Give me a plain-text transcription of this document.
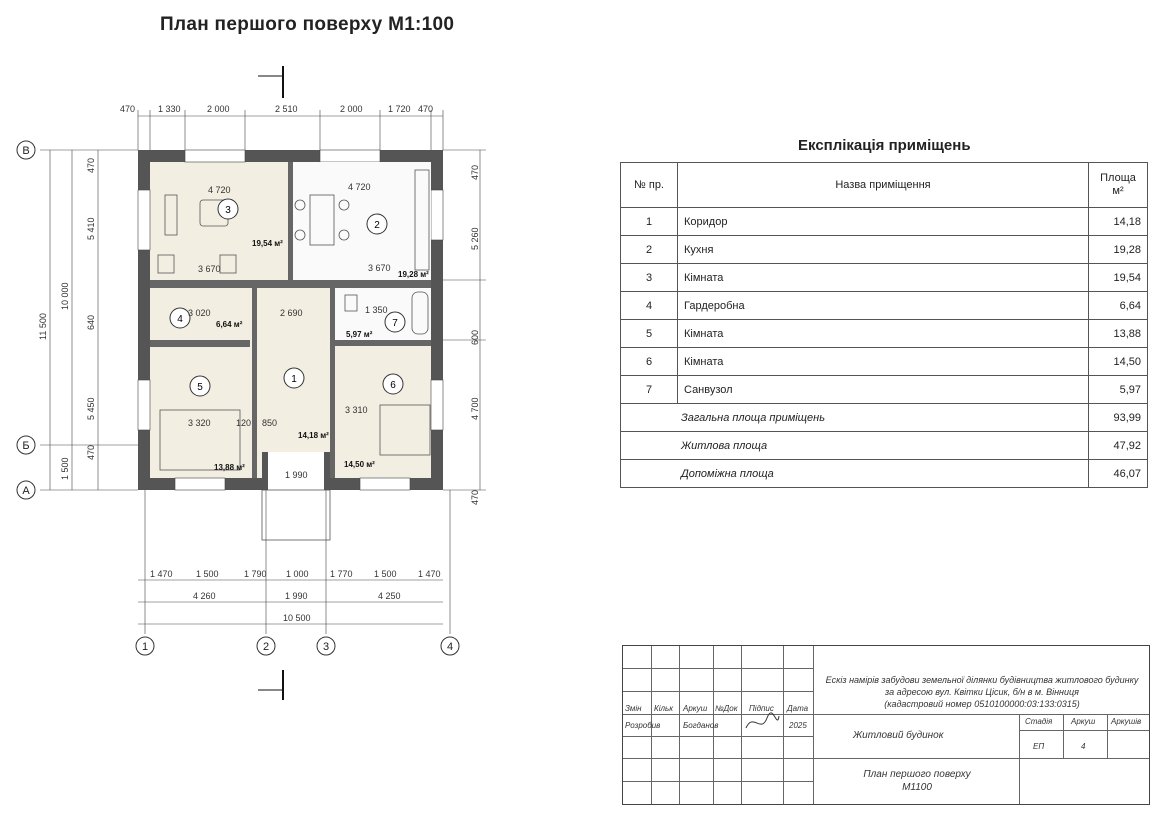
План першого поверху М1:100
3
2
4
1
7
5	6
19,54 м²
19,28 м²
6,64 м²
14,18 м²
5,97 м²
13,88 м²	14,50 м²
4 720	4 720
3 670	3 670
3 020	2 690
3 320
3 310
1 990
1 350
850
120
470	1 330	2 000	2 510	2 000	1 720 470
11 500
10 000
470
5 410
640
5 450
470
1 500
470
5 260
600
4 700
470
1 470	1 500	1 790 1 000 1 770 1 500 1 470
4 260	1 990	4 250
10 500
1	2	3	4
В
Б
А
Експлікація приміщень
№ пр.	Назва приміщення	Площа
м²
1	Коридор	14,18
2	Кухня	19,28
3	Кімната	19,54
4	Гардеробна	6,64
5	Кімната	13,88
6	Кімната	14,50
7	Санвузол	5,97
Загальна площа приміщень		93,99
Житлова площа		47,92
Допоміжна площа		46,07
Ескіз намірів забудови земельної ділянки будівництва житлового будинку
за адресою вул. Квітки Цісик, б/н в м. Вінниця
(кадастровий номер 0510100000:03:133:0315)
Змін Кільк Аркуш №Док Підпис Дата
Розробив	Богданов	2025
Житловий будинок
Стадія Аркуш Аркушів
ЕП	4
План першого поверху
М1100
